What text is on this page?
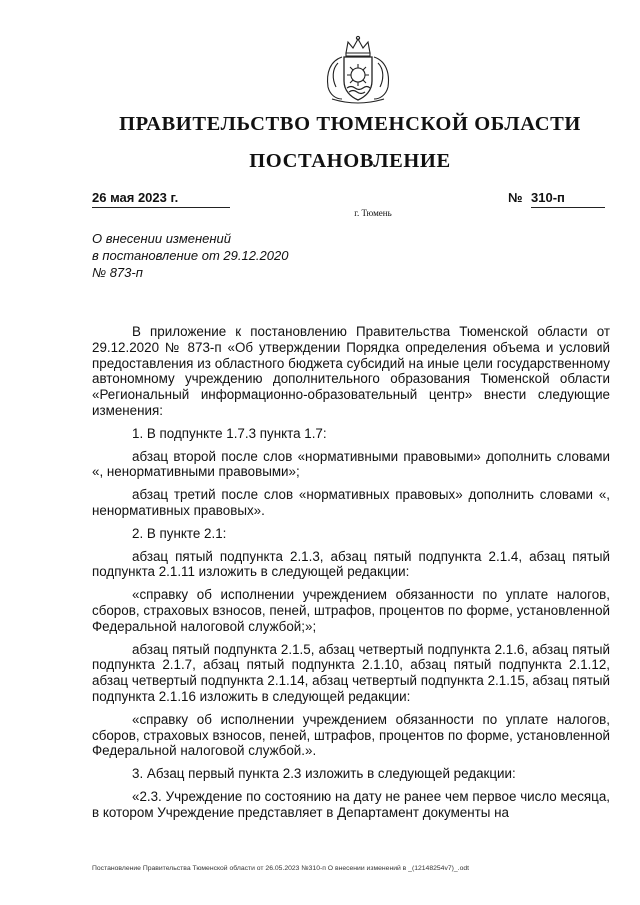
ПРАВИТЕЛЬСТВО ТЮМЕНСКОЙ ОБЛАСТИ
ПОСТАНОВЛЕНИЕ
26 мая 2023 г.	№ 310-п
г. Тюмень
О внесении изменений
в постановление от 29.12.2020
№ 873-п

В приложение к постановлению Правительства Тюменской области от 29.12.2020 № 873-п «Об утверждении Порядка определения объема и условий предоставления из областного бюджета субсидий на иные цели государственному автономному учреждению дополнительного образования Тюменской области «Региональный информационно-образовательный центр» внести следующие изменения:

1. В подпункте 1.7.3 пункта 1.7:

абзац второй после слов «нормативными правовыми» дополнить словами «, ненормативными правовыми»;

абзац третий после слов «нормативных правовых» дополнить словами «, ненормативных правовых».

2. В пункте 2.1:

абзац пятый подпункта 2.1.3, абзац пятый подпункта 2.1.4, абзац пятый подпункта 2.1.11 изложить в следующей редакции:

«справку об исполнении учреждением обязанности по уплате налогов, сборов, страховых взносов, пеней, штрафов, процентов по форме, установленной Федеральной налоговой службой;»;

абзац пятый подпункта 2.1.5, абзац четвертый подпункта 2.1.6, абзац пятый подпункта 2.1.7, абзац пятый подпункта 2.1.10, абзац пятый подпункта 2.1.12, абзац четвертый подпункта 2.1.14, абзац четвертый подпункта 2.1.15, абзац пятый подпункта 2.1.16 изложить в следующей редакции:

«справку об исполнении учреждением обязанности по уплате налогов, сборов, страховых взносов, пеней, штрафов, процентов по форме, установленной Федеральной налоговой службой.».

3. Абзац первый пункта 2.3 изложить в следующей редакции:

«2.3. Учреждение по состоянию на дату не ранее чем первое число месяца, в котором Учреждение представляет в Департамент документы на

Постановление Правительства Тюменской области от 26.05.2023 №310-п О внесении изменений в _(12148254v7)_.odt
